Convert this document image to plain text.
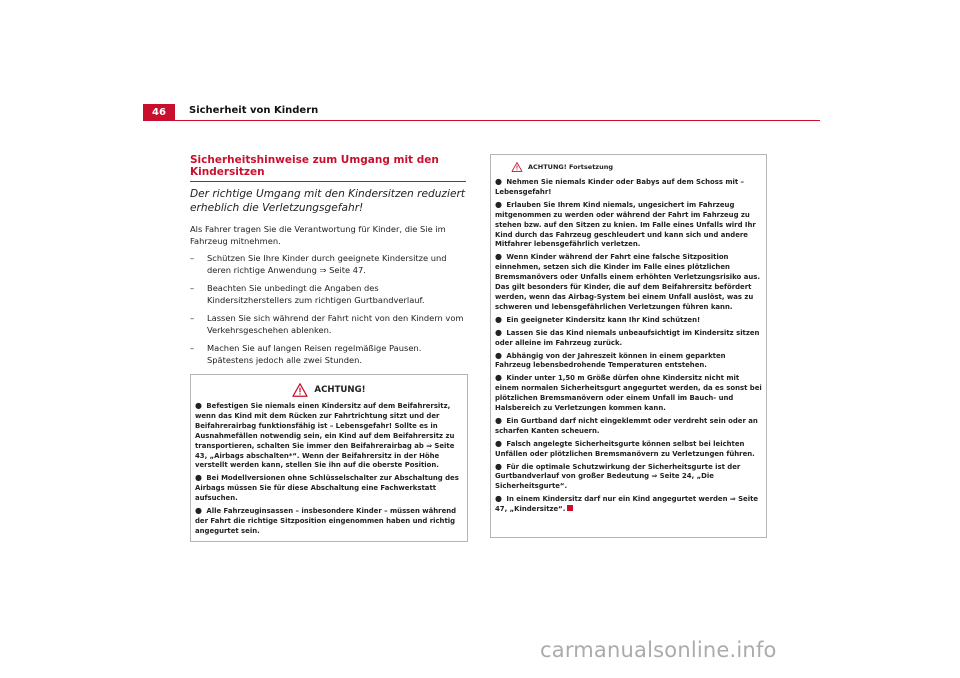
46	Sicherheit von Kindern
Sicherheitshinweise zum Umgang mit den Kindersitzen
Der richtige Umgang mit den Kindersitzen reduziert erheblich die Verletzungsgefahr!
Als Fahrer tragen Sie die Verantwortung für Kinder, die Sie im Fahrzeug mitnehmen.
– Schützen Sie Ihre Kinder durch geeignete Kindersitze und deren richtige Anwendung ⇒ Seite 47.
– Beachten Sie unbedingt die Angaben des Kindersitzherstellers zum richtigen Gurtbandverlauf.
– Lassen Sie sich während der Fahrt nicht von den Kindern vom Verkehrsgeschehen ablenken.
– Machen Sie auf langen Reisen regelmäßige Pausen. Spätestens jedoch alle zwei Stunden.
ACHTUNG!
● Befestigen Sie niemals einen Kindersitz auf dem Beifahrersitz, wenn das Kind mit dem Rücken zur Fahrtrichtung sitzt und der Beifahrerairbag funktionsfähig ist – Lebensgefahr! Sollte es in Ausnahmefällen notwendig sein, ein Kind auf dem Beifahrersitz zu transportieren, schalten Sie immer den Beifahrerairbag ab ⇒ Seite 43, „Airbags abschalten*“. Wenn der Beifahrersitz in der Höhe verstellt werden kann, stellen Sie ihn auf die oberste Position.
● Bei Modellversionen ohne Schlüsselschalter zur Abschaltung des Airbags müssen Sie für diese Abschaltung eine Fachwerkstatt aufsuchen.
● Alle Fahrzeuginsassen – insbesondere Kinder – müssen während der Fahrt die richtige Sitzposition eingenommen haben und richtig angegurtet sein.
ACHTUNG! Fortsetzung
● Nehmen Sie niemals Kinder oder Babys auf dem Schoss mit – Lebensgefahr!
● Erlauben Sie Ihrem Kind niemals, ungesichert im Fahrzeug mitgenommen zu werden oder während der Fahrt im Fahrzeug zu stehen bzw. auf den Sitzen zu knien. Im Falle eines Unfalls wird Ihr Kind durch das Fahrzeug geschleudert und kann sich und andere Mitfahrer lebensgefährlich verletzen.
● Wenn Kinder während der Fahrt eine falsche Sitzposition einnehmen, setzen sich die Kinder im Falle eines plötzlichen Bremsmanövers oder Unfalls einem erhöhten Verletzungsrisiko aus. Das gilt besonders für Kinder, die auf dem Beifahrersitz befördert werden, wenn das Airbag-System bei einem Unfall auslöst, was zu schweren und lebensgefährlichen Verletzungen führen kann.
● Ein geeigneter Kindersitz kann Ihr Kind schützen!
● Lassen Sie das Kind niemals unbeaufsichtigt im Kindersitz sitzen oder alleine im Fahrzeug zurück.
● Abhängig von der Jahreszeit können in einem geparkten Fahrzeug lebensbedrohende Temperaturen entstehen.
● Kinder unter 1,50 m Größe dürfen ohne Kindersitz nicht mit einem normalen Sicherheitsgurt angegurtet werden, da es sonst bei plötzlichen Bremsmanövern oder einem Unfall im Bauch- und Halsbereich zu Verletzungen kommen kann.
● Ein Gurtband darf nicht eingeklemmt oder verdreht sein oder an scharfen Kanten scheuern.
● Falsch angelegte Sicherheitsgurte können selbst bei leichten Unfällen oder plötzlichen Bremsmanövern zu Verletzungen führen.
● Für die optimale Schutzwirkung der Sicherheitsgurte ist der Gurtbandverlauf von großer Bedeutung ⇒ Seite 24, „Die Sicherheitsgurte“.
● In einem Kindersitz darf nur ein Kind angegurtet werden ⇒ Seite 47, „Kindersitze“.
carmanualsonline.info
